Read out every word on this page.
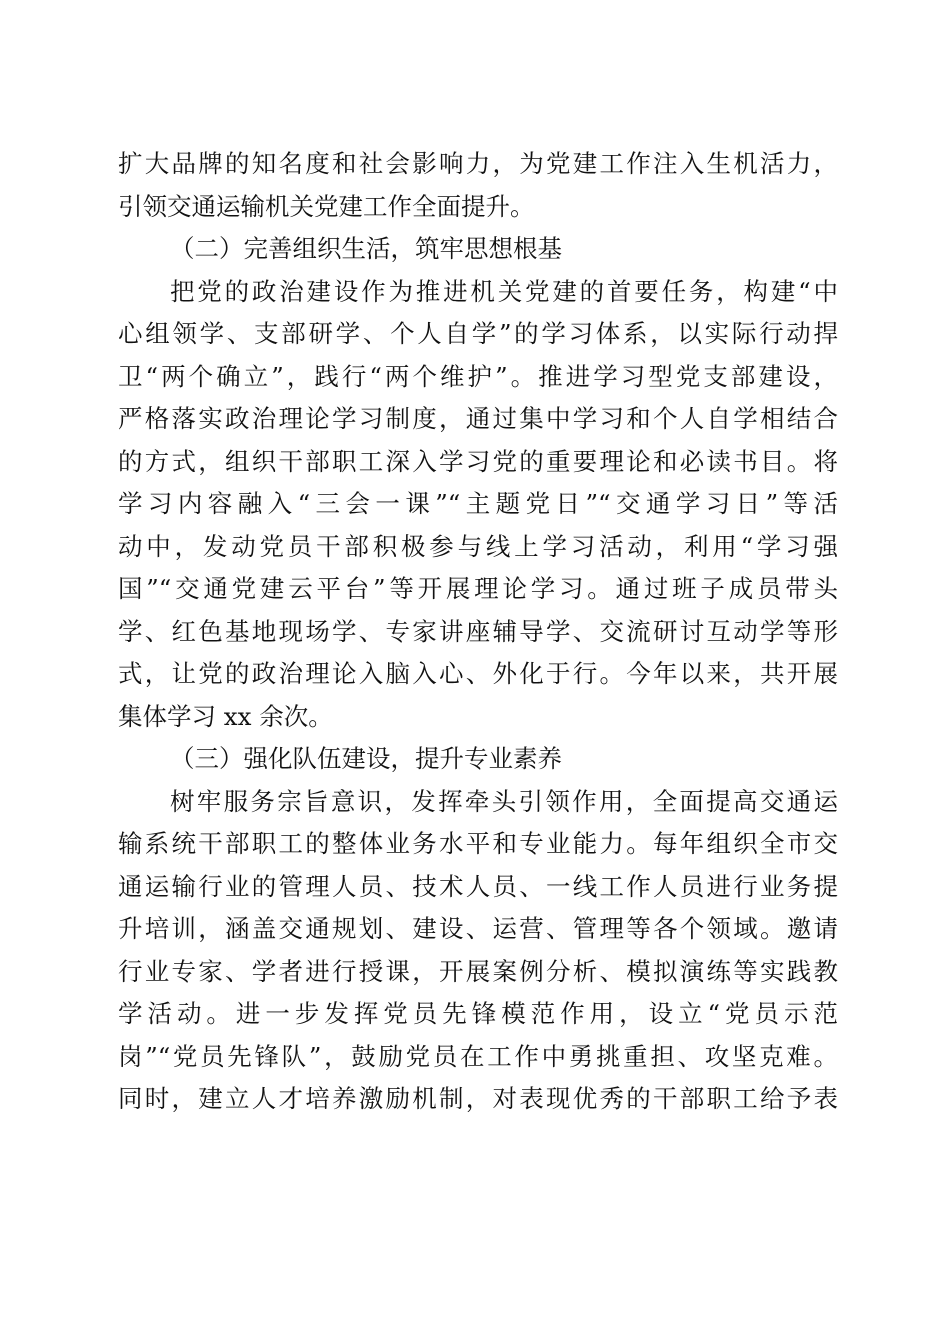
扩大品牌的知名度和社会影响力，为党建工作注入生机活力，
引领交通运输机关党建工作全面提升。
（二）完善组织生活，筑牢思想根基
把党的政治建设作为推进机关党建的首要任务，构建“中
心组领学、支部研学、个人自学”的学习体系，以实际行动捍
卫“两个确立”，践行“两个维护”。推进学习型党支部建设，
严格落实政治理论学习制度，通过集中学习和个人自学相结合
的方式，组织干部职工深入学习党的重要理论和必读书目。将
学习内容融入“三会一课”“主题党日”“交通学习日”等活
动中，发动党员干部积极参与线上学习活动，利用“学习强
国”“交通党建云平台”等开展理论学习。通过班子成员带头
学、红色基地现场学、专家讲座辅导学、交流研讨互动学等形
式，让党的政治理论入脑入心、外化于行。今年以来，共开展
集体学习 xx 余次。
（三）强化队伍建设，提升专业素养
树牢服务宗旨意识，发挥牵头引领作用，全面提高交通运
输系统干部职工的整体业务水平和专业能力。每年组织全市交
通运输行业的管理人员、技术人员、一线工作人员进行业务提
升培训，涵盖交通规划、建设、运营、管理等各个领域。邀请
行业专家、学者进行授课，开展案例分析、模拟演练等实践教
学活动。进一步发挥党员先锋模范作用，设立“党员示范
岗”“党员先锋队”，鼓励党员在工作中勇挑重担、攻坚克难。
同时，建立人才培养激励机制，对表现优秀的干部职工给予表
